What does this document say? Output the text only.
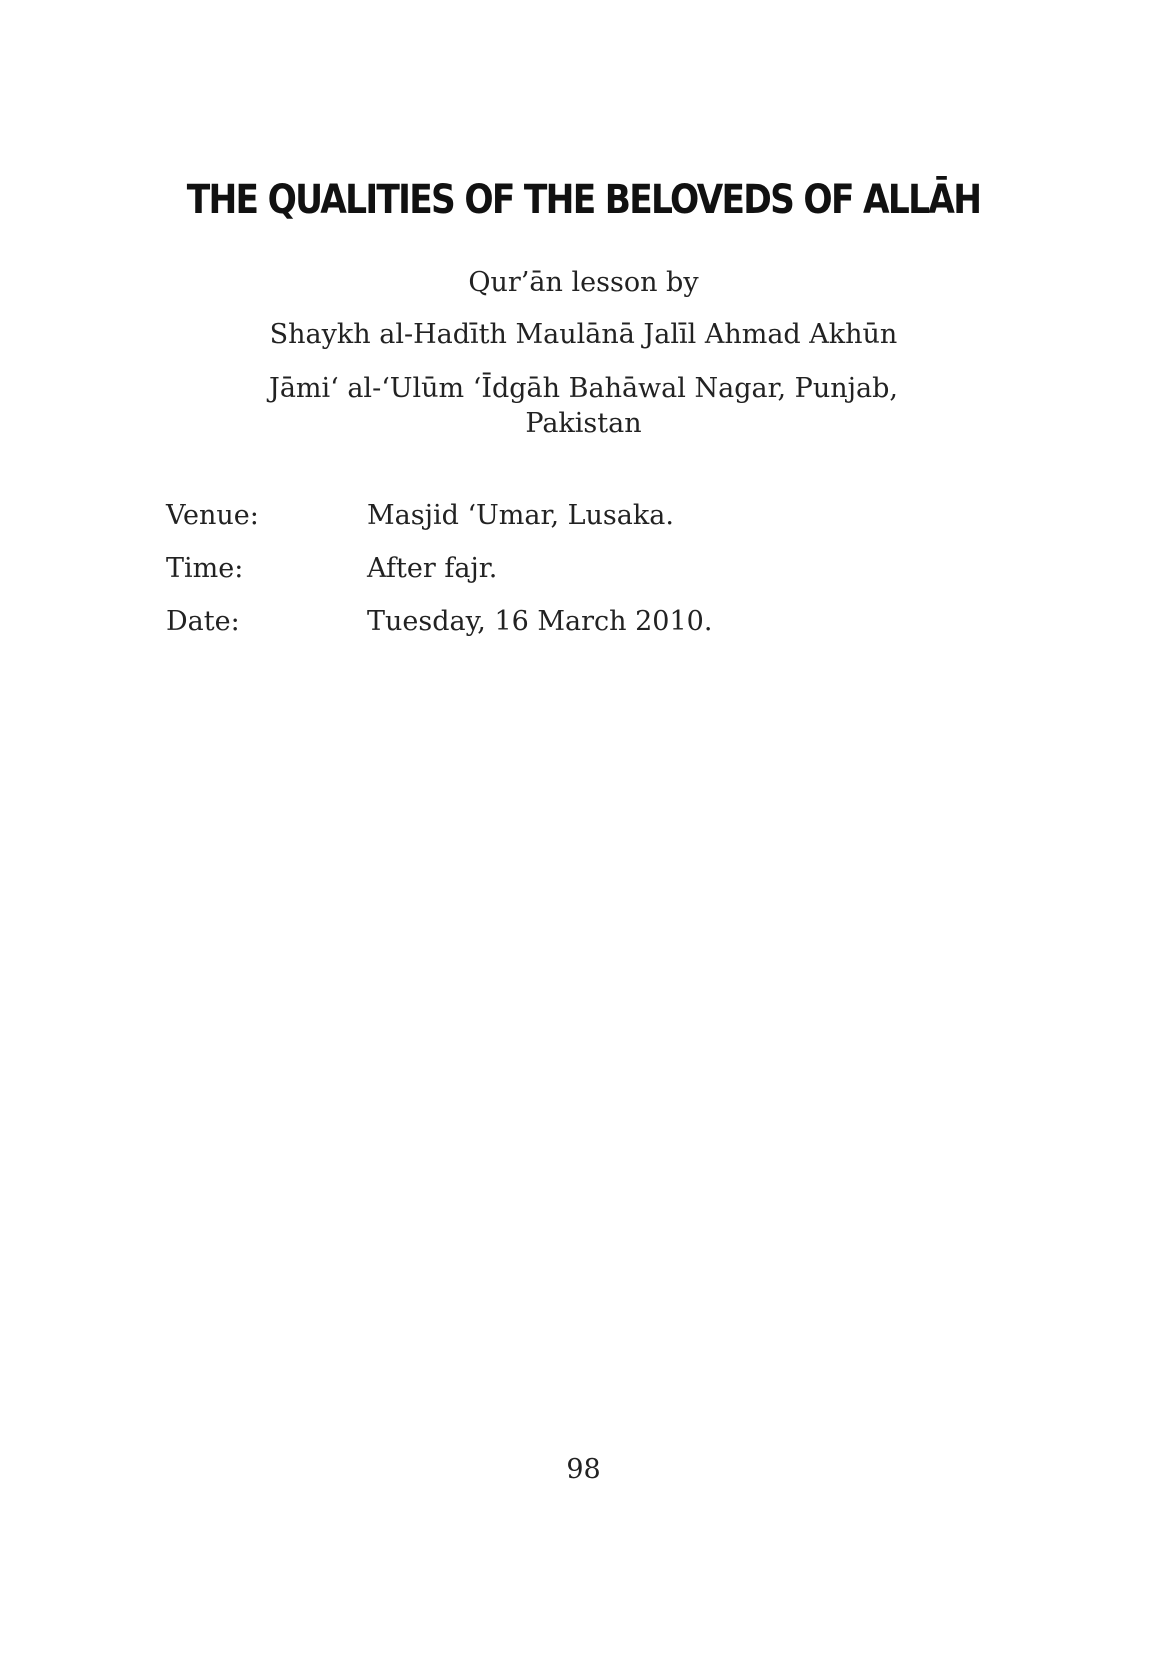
THE QUALITIES OF THE BELOVEDS OF ALLĀH
Qur’ān lesson by
Shaykh al-Hadīth Maulānā Jalīl Ahmad Akhūn
Jāmi‘ al-‘Ulūm ‘Īdgāh Bahāwal Nagar, Punjab,
Pakistan
Venue:	Masjid ‘Umar, Lusaka.
Time:	After fajr.
Date:	Tuesday, 16 March 2010.
98
